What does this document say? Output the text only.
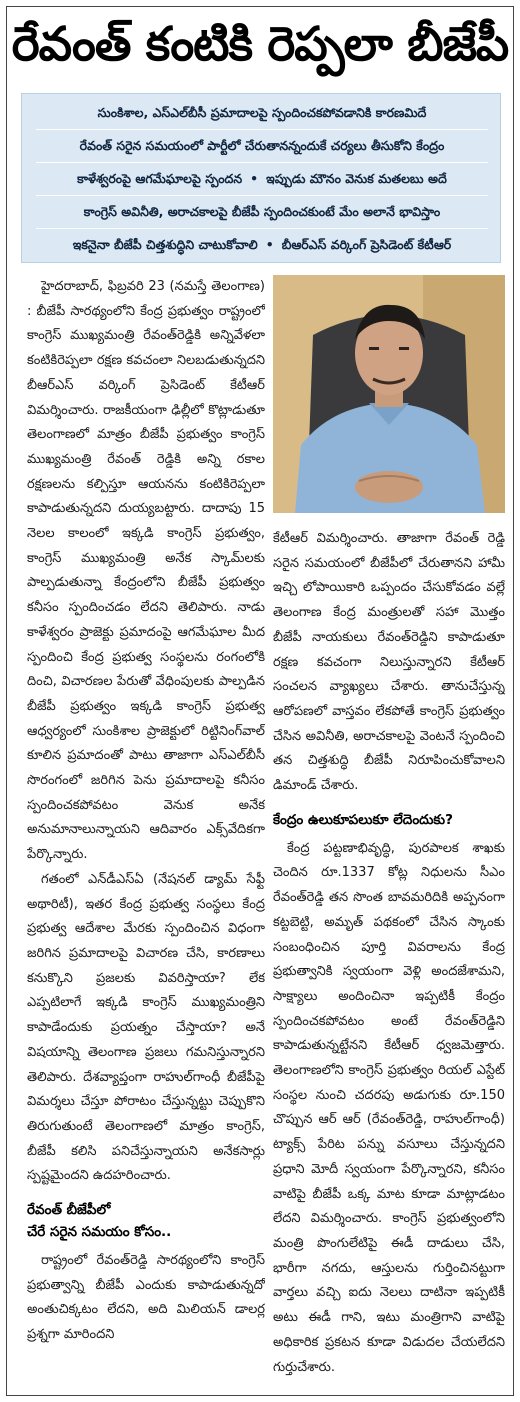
రేవంత్ కంటికి రెప్పలా బీజేపీ
సుంకిశాల, ఎస్‌ఎల్‌బీసీ ప్రమాదాలపై స్పందించకపోవడానికి కారణమిదే
రేవంత్ సరైన సమయంలో పార్టీలో చేరుతానన్నందుకే చర్యలు తీసుకోని కేంద్రం
కాళేశ్వరంపై ఆగమేఘాలపై స్పందన • ఇప్పుడు మౌనం వెనుక మతలబు అదే
కాంగ్రెస్ అవినీతి, అరాచకాలపై బీజేపీ స్పందించకుంటే మేం అలానే భావిస్తాం
ఇకనైనా బీజేపీ చిత్తశుద్ధిని చాటుకోవాలి • బీఆర్‌ఎస్ వర్కింగ్ ప్రెసిడెంట్ కేటీఆర్

హైదరాబాద్, ఫిబ్రవరి 23 (నమస్తే తెలంగాణ) : బీజేపీ సారథ్యంలోని కేంద్ర ప్రభుత్వం రాష్ట్రంలో కాంగ్రెస్ ముఖ్యమంత్రి రేవంత్‌రెడ్డికి అన్నివేళలా కంటికిరెప్పలా రక్షణ కవచంలా నిలబడుతున్నదని బీఆర్‌ఎస్ వర్కింగ్ ప్రెసిడెంట్ కేటీఆర్ విమర్శించారు. రాజకీయంగా ఢిల్లీలో కొట్లాడుతూ తెలంగాణలో మాత్రం బీజేపీ ప్రభుత్వం కాంగ్రెస్ ముఖ్యమంత్రి రేవంత్ రెడ్డికి అన్ని రకాల రక్షణలను కల్పిస్తూ ఆయనను కంటికిరెప్పలా కాపాడుతున్నదని దుయ్యబట్టారు. దాదాపు 15 నెలల కాలంలో ఇక్కడి కాంగ్రెస్ ప్రభుత్వం, కాంగ్రెస్ ముఖ్యమంత్రి అనేక స్కామ్‌లకు పాల్పడుతున్నా కేంద్రంలోని బీజేపీ ప్రభుత్వం కనీసం స్పందించడం లేదని తెలిపారు. నాడు కాళేశ్వరం ప్రాజెక్టు ప్రమాదంపై ఆగమేఘాల మీద స్పందించి కేంద్ర ప్రభుత్వ సంస్థలను రంగంలోకి దించి, విచారణల పేరుతో వేధింపులకు పాల్పడిన బీజేపీ ప్రభుత్వం ఇక్కడి కాంగ్రెస్ ప్రభుత్వ ఆధ్వర్యంలో సుంకిశాల ప్రాజెక్టులో రిట్టినింగ్‌వాల్ కూలిన ప్రమాదంతో పాటు తాజాగా ఎస్‌ఎల్‌బీసీ సొరంగంలో జరిగిన పెను ప్రమాదాలపై కనీసం స్పందించకపోవటం వెనుక అనేక అనుమానాలున్నాయని ఆదివారం ఎక్స్‌వేదికగా పేర్కొన్నారు.

గతంలో ఎన్‌డీఎస్‌ఏ (నేషనల్ డ్యామ్ సేఫ్టీ అథారిటీ), ఇతర కేంద్ర ప్రభుత్వ సంస్థలు కేంద్ర ప్రభుత్వ ఆదేశాల మేరకు స్పందించిన విధంగా జరిగిన ప్రమాదాలపై విచారణ చేసి, కారణాలు కనుక్కొని ప్రజలకు వివరిస్తాయా? లేక ఎప్పటిలాగే ఇక్కడి కాంగ్రెస్ ముఖ్యమంత్రిని కాపాడేందుకు ప్రయత్నం చేస్తాయా? అనే విషయాన్ని తెలంగాణ ప్రజలు గమనిస్తున్నారని తెలిపారు. దేశవ్యాప్తంగా రాహుల్‌గాంధీ బీజేపీపై విమర్శలు చేస్తూ పోరాటం చేస్తున్నట్టు చెప్పుకొని తిరుగుతుంటే తెలంగాణలో మాత్రం కాంగ్రెస్, బీజేపీ కలిసి పనిచేస్తున్నాయని అనేకసార్లు స్పష్టమైందని ఉదహరించారు.

రేవంత్ బీజేపీలో
చేరే సరైన సమయం కోసం..

రాష్ట్రంలో రేవంత్‌రెడ్డి సారథ్యంలోని కాంగ్రెస్ ప్రభుత్వాన్ని బీజేపీ ఎందుకు కాపాడుతున్నదో అంతుచిక్కటం లేదని, అది మిలియన్ డాలర్ల ప్రశ్నగా మారిందని

కేటీఆర్ విమర్శించారు. తాజాగా రేవంత్ రెడ్డి సరైన సమయంలో బీజేపీలో చేరుతానని హామీ ఇచ్చి లోపాయికారి ఒప్పందం చేసుకోవడం వల్లే తెలంగాణ కేంద్ర మంత్రులతో సహా మొత్తం బీజేపీ నాయకులు రేవంత్‌రెడ్డిని కాపాడుతూ రక్షణ కవచంగా నిలుస్తున్నారని కేటీఆర్ సంచలన వ్యాఖ్యలు చేశారు. తానుచేస్తున్న ఆరోపణలో వాస్తవం లేకపోతే కాంగ్రెస్ ప్రభుత్వం చేసిన అవినీతి, అరాచకాలపై వెంటనే స్పందించి తన చిత్తశుద్ధి బీజేపీ నిరూపించుకోవాలని డిమాండ్ చేశారు.

కేంద్రం ఉలుకూపలుకూ లేదెందుకు?

కేంద్ర పట్టణాభివృద్ధి, పురపాలక శాఖకు చెందిన రూ.1337 కోట్ల నిధులను సీఎం రేవంత్‌రెడ్డి తన సొంత బావమరిదికి అప్పనంగా కట్టబెట్టి, అమృత్ పథకంలో చేసిన స్కాంకు సంబంధించిన పూర్తి వివరాలను కేంద్ర ప్రభుత్వానికి స్వయంగా వెళ్లి అందజేశామని, సాక్ష్యాలు అందించినా ఇప్పటికీ కేంద్రం స్పందించకపోవటం అంటే రేవంత్‌రెడ్డిని కాపాడుతున్నట్టేనని కేటీఆర్ ధ్వజమెత్తారు. తెలంగాణలోని కాంగ్రెస్ ప్రభుత్వం రియల్ ఎస్టేట్ సంస్థల నుంచి చదరపు అడుగుకు రూ.150 చొప్పున ఆర్ ఆర్ (రేవంత్‌రెడ్డి, రాహుల్‌గాంధీ) ట్యాక్స్ పేరిట పన్ను వసూలు చేస్తున్నదని ప్రధాని మోదీ స్వయంగా పేర్కొన్నారని, కనీసం వాటిపై బీజేపీ ఒక్క మాట కూడా మాట్లాడటం లేదని విమర్శించారు. కాంగ్రెస్ ప్రభుత్వంలోని మంత్రి పొంగులేటిపై ఈడీ దాడులు చేసి, భారీగా నగదు, ఆస్తులను గుర్తించినట్టుగా వార్తలు వచ్చి ఐదు నెలలు దాటినా ఇప్పటికీ అటు ఈడీ గాని, ఇటు మంత్రిగాని వాటిపై అధికారిక ప్రకటన కూడా విడుదల చేయలేదని గుర్తుచేశారు.
